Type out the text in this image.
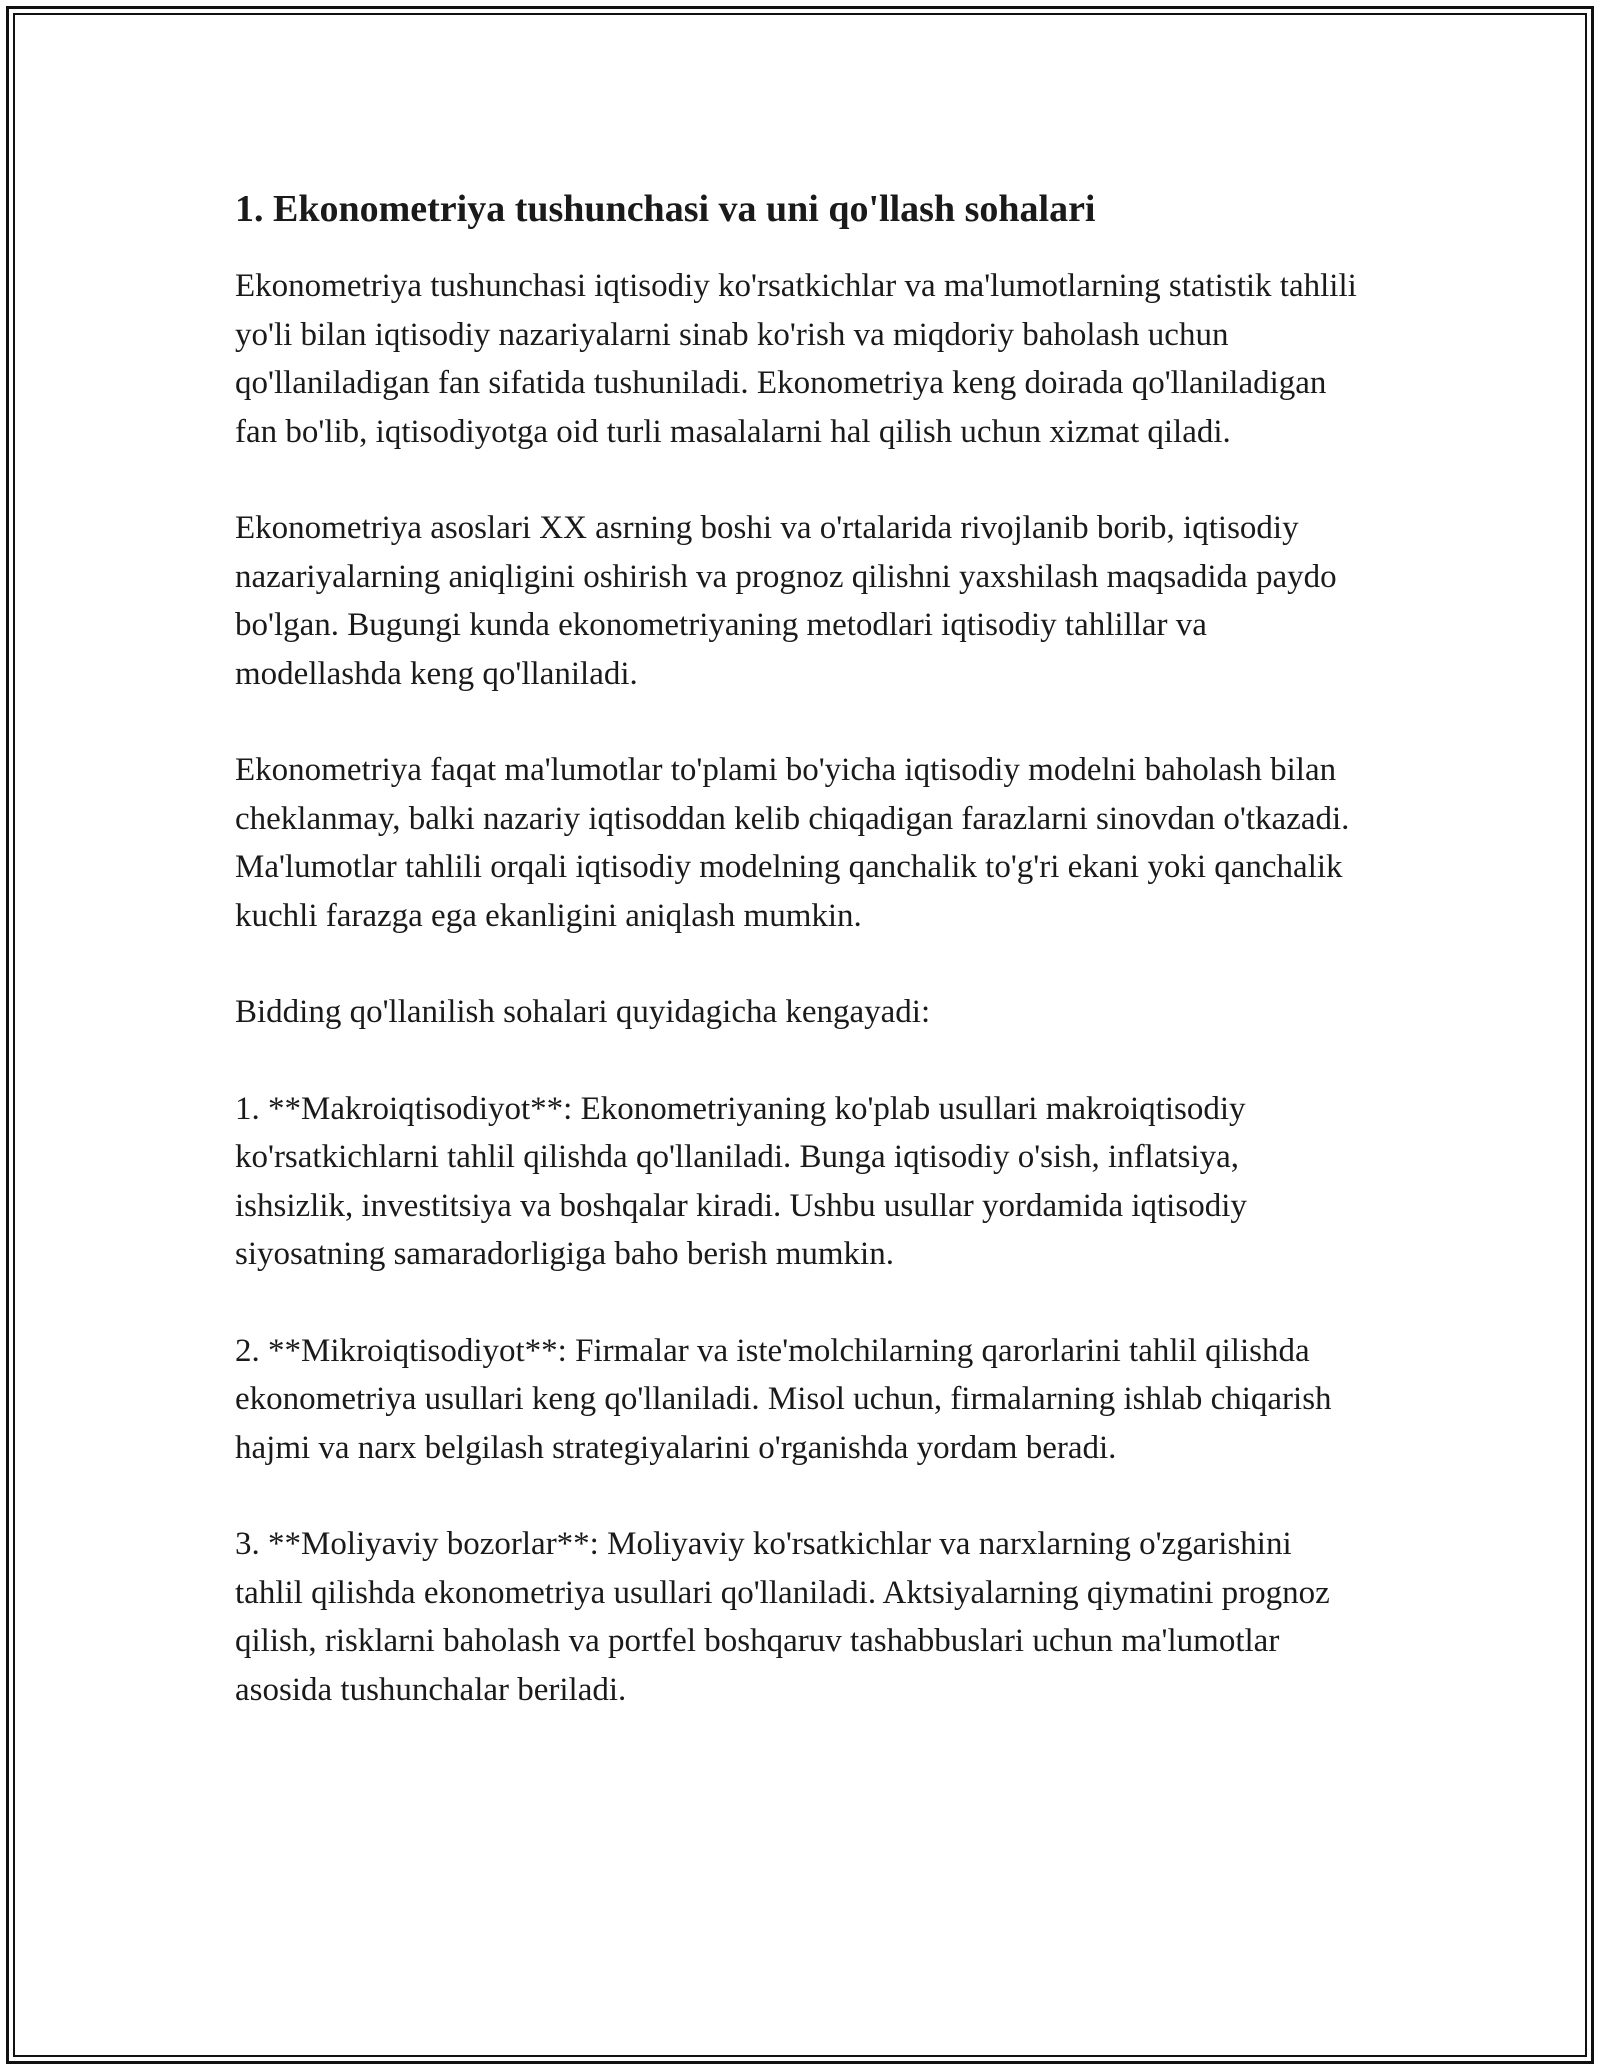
1. Ekonometriya tushunchasi va uni qo'llash sohalari

Ekonometriya tushunchasi iqtisodiy ko'rsatkichlar va ma'lumotlarning statistik tahlili yo'li bilan iqtisodiy nazariyalarni sinab ko'rish va miqdoriy baholash uchun qo'llaniladigan fan sifatida tushuniladi. Ekonometriya keng doirada qo'llaniladigan fan bo'lib, iqtisodiyotga oid turli masalalarni hal qilish uchun xizmat qiladi.

Ekonometriya asoslari XX asrning boshi va o'rtalarida rivojlanib borib, iqtisodiy nazariyalarning aniqligini oshirish va prognoz qilishni yaxshilash maqsadida paydo bo'lgan. Bugungi kunda ekonometriyaning metodlari iqtisodiy tahlillar va modellashda keng qo'llaniladi.

Ekonometriya faqat ma'lumotlar to'plami bo'yicha iqtisodiy modelni baholash bilan cheklanmay, balki nazariy iqtisoddan kelib chiqadigan farazlarni sinovdan o'tkazadi. Ma'lumotlar tahlili orqali iqtisodiy modelning qanchalik to'g'ri ekani yoki qanchalik kuchli farazga ega ekanligini aniqlash mumkin.

Bidding qo'llanilish sohalari quyidagicha kengayadi:

1. **Makroiqtisodiyot**: Ekonometriyaning ko'plab usullari makroiqtisodiy ko'rsatkichlarni tahlil qilishda qo'llaniladi. Bunga iqtisodiy o'sish, inflatsiya, ishsizlik, investitsiya va boshqalar kiradi. Ushbu usullar yordamida iqtisodiy siyosatning samaradorligiga baho berish mumkin.

2. **Mikroiqtisodiyot**: Firmalar va iste'molchilarning qarorlarini tahlil qilishda ekonometriya usullari keng qo'llaniladi. Misol uchun, firmalarning ishlab chiqarish hajmi va narx belgilash strategiyalarini o'rganishda yordam beradi.

3. **Moliyaviy bozorlar**: Moliyaviy ko'rsatkichlar va narxlarning o'zgarishini tahlil qilishda ekonometriya usullari qo'llaniladi. Aktsiyalarning qiymatini prognoz qilish, risklarni baholash va portfel boshqaruv tashabbuslari uchun ma'lumotlar asosida tushunchalar beriladi.
